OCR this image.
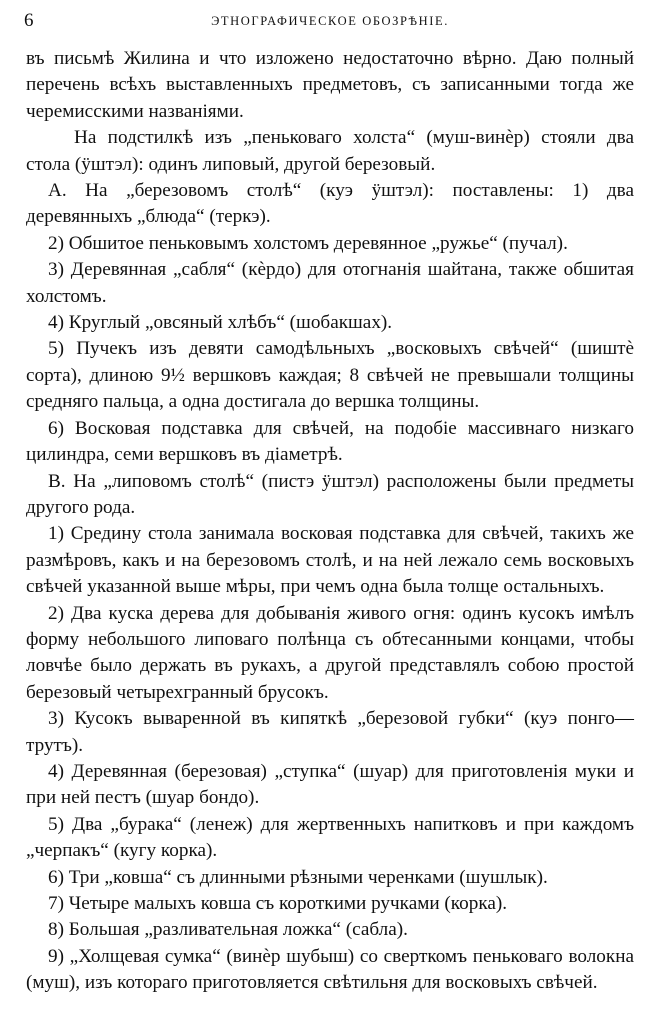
6	ЭТНОГРАФИЧЕСКОЕ ОБОЗРѢНІЕ.
въ письмѣ Жилина и что изложено недостаточно вѣрно. Даю полный перечень всѣхъ выставленныхъ предметовъ, съ записанными тогда же черемисскими названіями.
На подстилкѣ изъ „пеньковаго холста“ (муш-винѐр) стояли два стола (ӱштэл): одинъ липовый, другой березовый.
А. На „березовомъ столѣ“ (куэ ӱштэл): поставлены: 1) два деревянныхъ „блюда“ (теркэ).
2) Обшитое пеньковымъ холстомъ деревянное „ружье“ (пучал).
3) Деревянная „сабля“ (кѐрдо) для отогнанія шайтана, также обшитая холстомъ.
4) Круглый „овсяный хлѣбъ“ (шобакшах).
5) Пучекъ изъ девяти самодѣльныхъ „восковыхъ свѣчей“ (шиштѐ сорта), длиною 9½ вершковъ каждая; 8 свѣчей не превышали толщины средняго пальца, а одна достигала до вершка толщины.
6) Восковая подставка для свѣчей, на подобіе массивнаго низкаго цилиндра, семи вершковъ въ діаметрѣ.
В. На „липовомъ столѣ“ (пистэ ӱштэл) расположены были предметы другого рода.
1) Средину стола занимала восковая подставка для свѣчей, такихъ же размѣровъ, какъ и на березовомъ столѣ, и на ней лежало семь восковыхъ свѣчей указанной выше мѣры, при чемъ одна была толще остальныхъ.
2) Два куска дерева для добыванія живого огня: одинъ кусокъ имѣлъ форму небольшого липоваго полѣнца съ обтесанными концами, чтобы ловчѣе было держать въ рукахъ, а другой представлялъ собою простой березовый четырехгранный брусокъ.
3) Кусокъ вываренной въ кипяткѣ „березовой губки“ (куэ понго—трутъ).
4) Деревянная (березовая) „ступка“ (шуар) для приготовленія муки и при ней пестъ (шуар бондо).
5) Два „бурака“ (ленеж) для жертвенныхъ напитковъ и при каждомъ „черпакъ“ (кугу корка).
6) Три „ковша“ съ длинными рѣзными черенками (шушлык).
7) Четыре малыхъ ковша съ короткими ручками (корка).
8) Большая „разливательная ложка“ (сабла).
9) „Холщевая сумка“ (винѐр шубыш) со сверткомъ пеньковаго волокна (муш), изъ котораго приготовляется свѣтильня для восковыхъ свѣчей.
